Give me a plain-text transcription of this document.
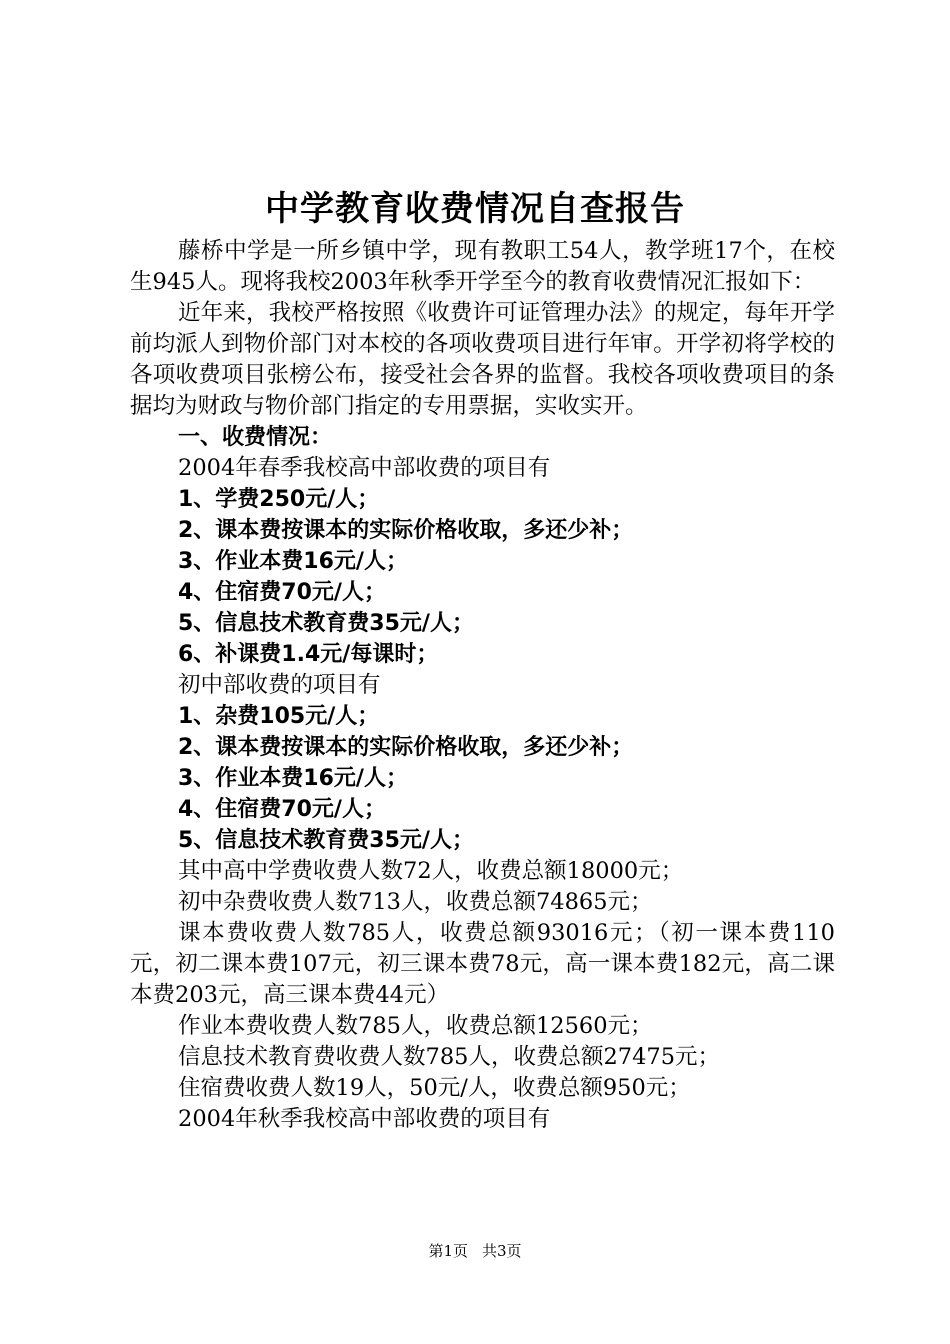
中学教育收费情况自查报告

藤桥中学是一所乡镇中学，现有教职工54人，教学班17个，在校生945人。现将我校2003年秋季开学至今的教育收费情况汇报如下：

近年来，我校严格按照《收费许可证管理办法》的规定，每年开学前均派人到物价部门对本校的各项收费项目进行年审。开学初将学校的各项收费项目张榜公布，接受社会各界的监督。我校各项收费项目的条据均为财政与物价部门指定的专用票据，实收实开。

一、收费情况：

2004年春季我校高中部收费的项目有

1、学费250元/人；

2、课本费按课本的实际价格收取，多还少补；

3、作业本费16元/人；

4、住宿费70元/人；

5、信息技术教育费35元/人；

6、补课费1.4元/每课时；

初中部收费的项目有

1、杂费105元/人；

2、课本费按课本的实际价格收取，多还少补；

3、作业本费16元/人；

4、住宿费70元/人；

5、信息技术教育费35元/人；

其中高中学费收费人数72人，收费总额18000元；

初中杂费收费人数713人，收费总额74865元；

课本费收费人数785人，收费总额93016元；（初一课本费110元，初二课本费107元，初三课本费78元，高一课本费182元，高二课本费203元，高三课本费44元）

作业本费收费人数785人，收费总额12560元；

信息技术教育费收费人数785人，收费总额27475元；

住宿费收费人数19人，50元/人，收费总额950元；

2004年秋季我校高中部收费的项目有

第1页 共3页
